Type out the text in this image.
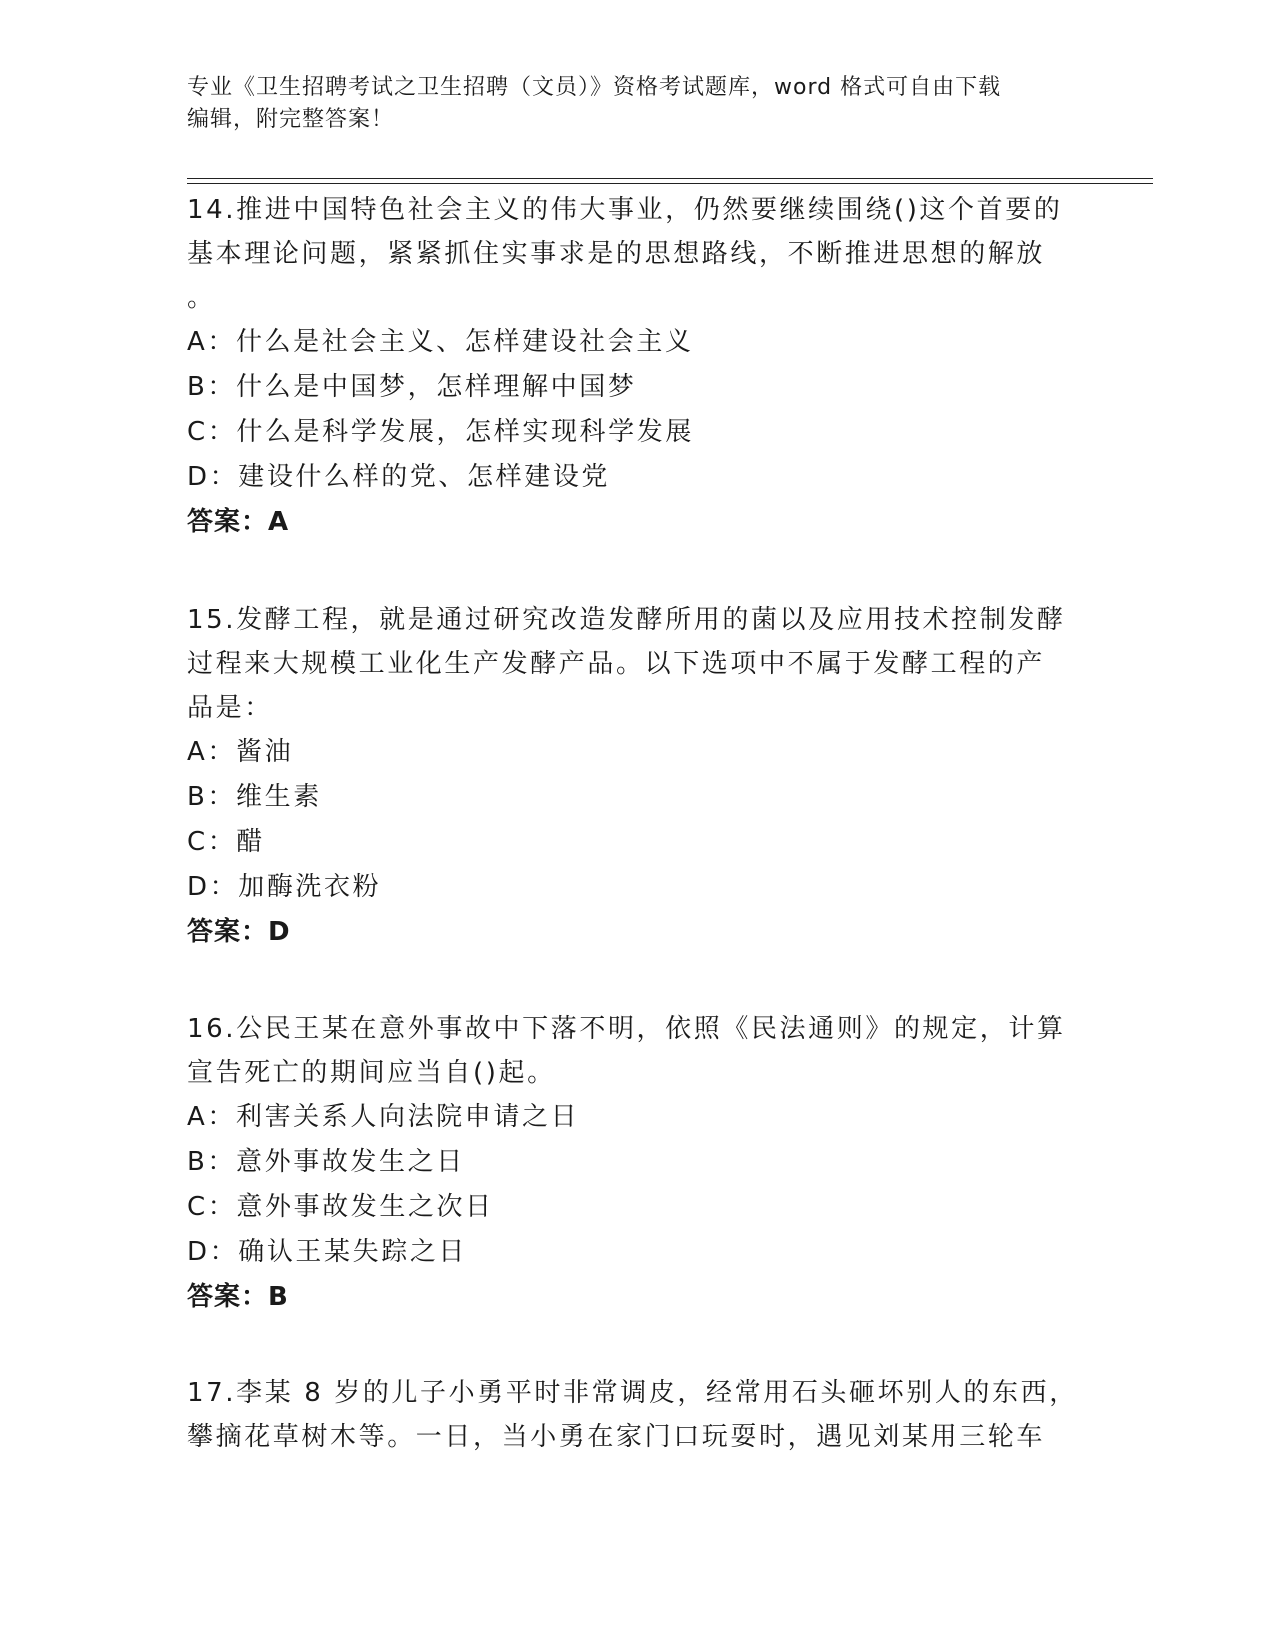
专业《卫生招聘考试之卫生招聘（文员）》资格考试题库，word 格式可自由下载
编辑，附完整答案！
14.推进中国特色社会主义的伟大事业，仍然要继续围绕()这个首要的
基本理论问题，紧紧抓住实事求是的思想路线，不断推进思想的解放
。
A：什么是社会主义、怎样建设社会主义
B：什么是中国梦，怎样理解中国梦
C：什么是科学发展，怎样实现科学发展
D：建设什么样的党、怎样建设党
答案：A
15.发酵工程，就是通过研究改造发酵所用的菌以及应用技术控制发酵
过程来大规模工业化生产发酵产品。以下选项中不属于发酵工程的产
品是：
A：酱油
B：维生素
C：醋
D：加酶洗衣粉
答案：D
16.公民王某在意外事故中下落不明，依照《民法通则》的规定，计算
宣告死亡的期间应当自()起。
A：利害关系人向法院申请之日
B：意外事故发生之日
C：意外事故发生之次日
D：确认王某失踪之日
答案：B
17.李某 8 岁的儿子小勇平时非常调皮，经常用石头砸坏别人的东西，
攀摘花草树木等。一日，当小勇在家门口玩耍时，遇见刘某用三轮车
